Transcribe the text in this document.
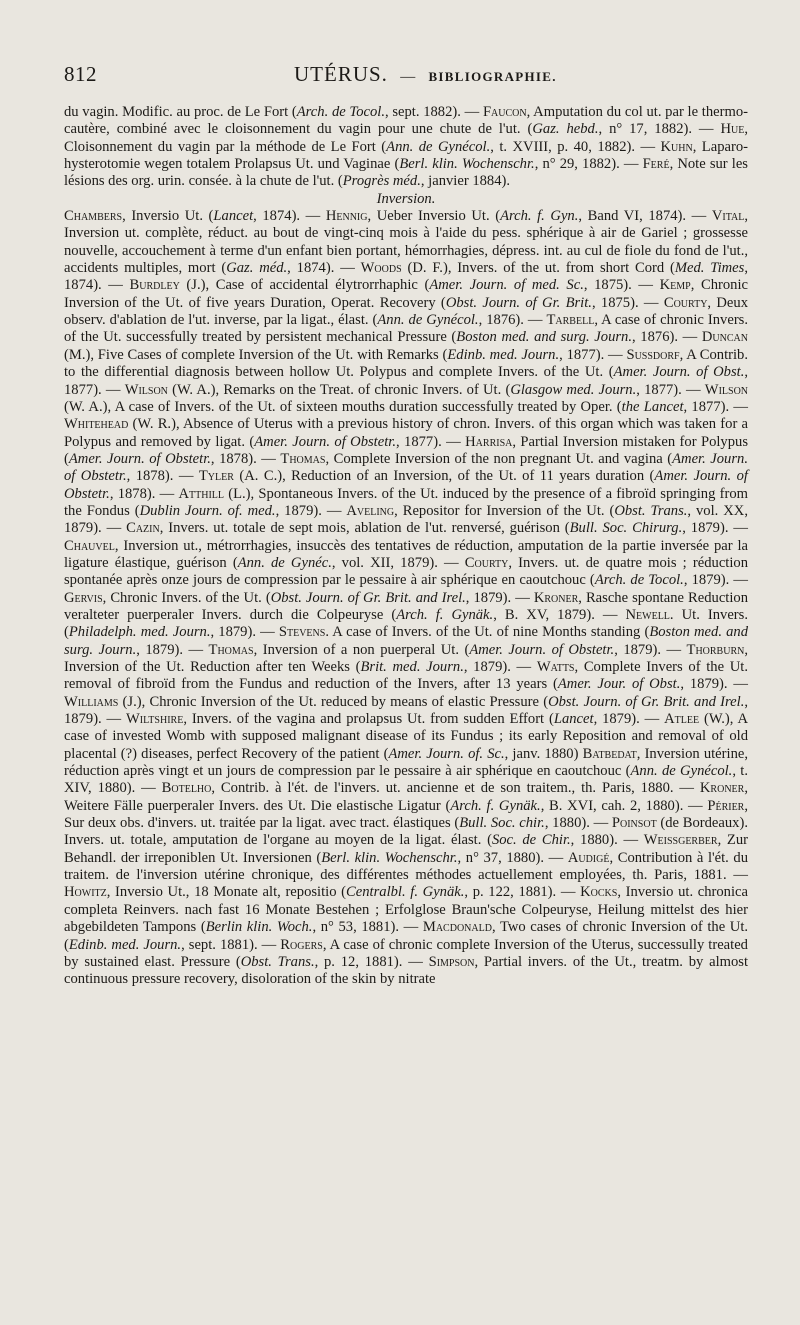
812	UTÉRUS. — BIBLIOGRAPHIE.

du vagin. Modific. au proc. de Le Fort (Arch. de Tocol., sept. 1882). — Faucon, Amputation du col ut. par le thermo-cautère, combiné avec le cloisonnement du vagin pour une chute de l'ut. (Gaz. hebd., n° 17, 1882). — Hue, Cloisonnement du vagin par la méthode de Le Fort (Ann. de Gynécol., t. XVIII, p. 40, 1882). — Kuhn, Laparo-hysterotomie wegen totalem Prolapsus Ut. und Vaginae (Berl. klin. Wochenschr., n° 29, 1882). — Feré, Note sur les lésions des org. urin. consée. à la chute de l'ut. (Progrès méd., janvier 1884).

Inversion.

Chambers, Inversio Ut. (Lancet, 1874). — Hennig, Ueber Inversio Ut. (Arch. f. Gyn., Band VI, 1874). — Vital, Inversion ut. complète, réduct. au bout de vingt-cinq mois à l'aide du pess. sphérique à air de Gariel ; grossesse nouvelle, accouchement à terme d'un enfant bien portant, hémorrhagies, dépress. int. au cul de fiole du fond de l'ut., accidents multiples, mort (Gaz. méd., 1874). — Woods (D. F.), Invers. of the ut. from short Cord (Med. Times, 1874). — Burdley (J.), Case of accidental élytrorrhaphic (Amer. Journ. of med. Sc., 1875). — Kemp, Chronic Inversion of the Ut. of five years Duration, Operat. Recovery (Obst. Journ. of Gr. Brit., 1875). — Courty, Deux observ. d'ablation de l'ut. inverse, par la ligat., élast. (Ann. de Gynécol., 1876). — Tarbell, A case of chronic Invers. of the Ut. successfully treated by persistent mechanical Pressure (Boston med. and surg. Journ., 1876). — Duncan (M.), Five Cases of complete Inversion of the Ut. with Remarks (Edinb. med. Journ., 1877). — Sussdorf, A Contrib. to the differential diagnosis between hollow Ut. Polypus and complete Invers. of the Ut. (Amer. Journ. of Obst., 1877). — Wilson (W. A.), Remarks on the Treat. of chronic Invers. of Ut. (Glasgow med. Journ., 1877). — Wilson (W. A.), A case of Invers. of the Ut. of sixteen mouths duration successfully treated by Oper. (the Lancet, 1877). — Whitehead (W. R.), Absence of Uterus with a previous history of chron. Invers. of this organ which was taken for a Polypus and removed by ligat. (Amer. Journ. of Obstetr., 1877). — Harrisa, Partial Inversion mistaken for Polypus (Amer. Journ. of Obstetr., 1878). — Thomas, Complete Inversion of the non pregnant Ut. and vagina (Amer. Journ. of Obstetr., 1878). — Tyler (A. C.), Reduction of an Inversion, of the Ut. of 11 years duration (Amer. Journ. of Obstetr., 1878). — Atthill (L.), Spontaneous Invers. of the Ut. induced by the presence of a fibroïd springing from the Fondus (Dublin Journ. of. med., 1879). — Aveling, Repositor for Inversion of the Ut. (Obst. Trans., vol. XX, 1879). — Cazin, Invers. ut. totale de sept mois, ablation de l'ut. renversé, guérison (Bull. Soc. Chirurg., 1879). — Chauvel, Inversion ut., métrorrhagies, insuccès des tentatives de réduction, amputation de la partie inversée par la ligature élastique, guérison (Ann. de Gynéc., vol. XII, 1879). — Courty, Invers. ut. de quatre mois ; réduction spontanée après onze jours de compression par le pessaire à air sphérique en caoutchouc (Arch. de Tocol., 1879). — Gervis, Chronic Invers. of the Ut. (Obst. Journ. of Gr. Brit. and Irel., 1879). — Kroner, Rasche spontane Reduction veralteter puerperaler Invers. durch die Colpeuryse (Arch. f. Gynäk., B. XV, 1879). — Newell. Ut. Invers. (Philadelph. med. Journ., 1879). — Stevens. A case of Invers. of the Ut. of nine Months standing (Boston med. and surg. Journ., 1879). — Thomas, Inversion of a non puerperal Ut. (Amer. Journ. of Obstetr., 1879). — Thorburn, Inversion of the Ut. Reduction after ten Weeks (Brit. med. Journ., 1879). — Watts, Complete Invers of the Ut. removal of fibroïd from the Fundus and reduction of the Invers, after 13 years (Amer. Jour. of Obst., 1879). — Williams (J.), Chronic Inversion of the Ut. reduced by means of elastic Pressure (Obst. Journ. of Gr. Brit. and Irel., 1879). — Wiltshire, Invers. of the vagina and prolapsus Ut. from sudden Effort (Lancet, 1879). — Atlee (W.), A case of invested Womb with supposed malignant disease of its Fundus ; its early Reposition and removal of old placental (?) diseases, perfect Recovery of the patient (Amer. Journ. of. Sc., janv. 1880) Batbedat, Inversion utérine, réduction après vingt et un jours de compression par le pessaire à air sphérique en caoutchouc (Ann. de Gynécol., t. XIV, 1880). — Botelho, Contrib. à l'ét. de l'invers. ut. ancienne et de son traitem., th. Paris, 1880. — Kroner, Weitere Fälle puerperaler Invers. des Ut. Die elastische Ligatur (Arch. f. Gynäk., B. XVI, cah. 2, 1880). — Périer, Sur deux obs. d'invers. ut. traitée par la ligat. avec tract. élastiques (Bull. Soc. chir., 1880). — Poinsot (de Bordeaux). Invers. ut. totale, amputation de l'organe au moyen de la ligat. élast. (Soc. de Chir., 1880). — Weissgerber, Zur Behandl. der irreponiblen Ut. Inversionen (Berl. klin. Wochenschr., n° 37, 1880). — Audigé, Contribution à l'ét. du traitem. de l'inversion utérine chronique, des différentes méthodes actuellement employées, th. Paris, 1881. — Howitz, Inversio Ut., 18 Monate alt, repositio (Centralbl. f. Gynäk., p. 122, 1881). — Kocks, Inversio ut. chronica completa Reinvers. nach fast 16 Monate Bestehen ; Erfolglose Braun'sche Colpeuryse, Heilung mittelst des hier abgebildeten Tampons (Berlin klin. Woch., n° 53, 1881). — Macdonald, Two cases of chronic Inversion of the Ut. (Edinb. med. Journ., sept. 1881). — Rogers, A case of chronic complete Inversion of the Uterus, successully treated by sustained elast. Pressure (Obst. Trans., p. 12, 1881). — Simpson, Partial invers. of the Ut., treatm. by almost continuous pressure recovery, disoloration of the skin by nitrate
